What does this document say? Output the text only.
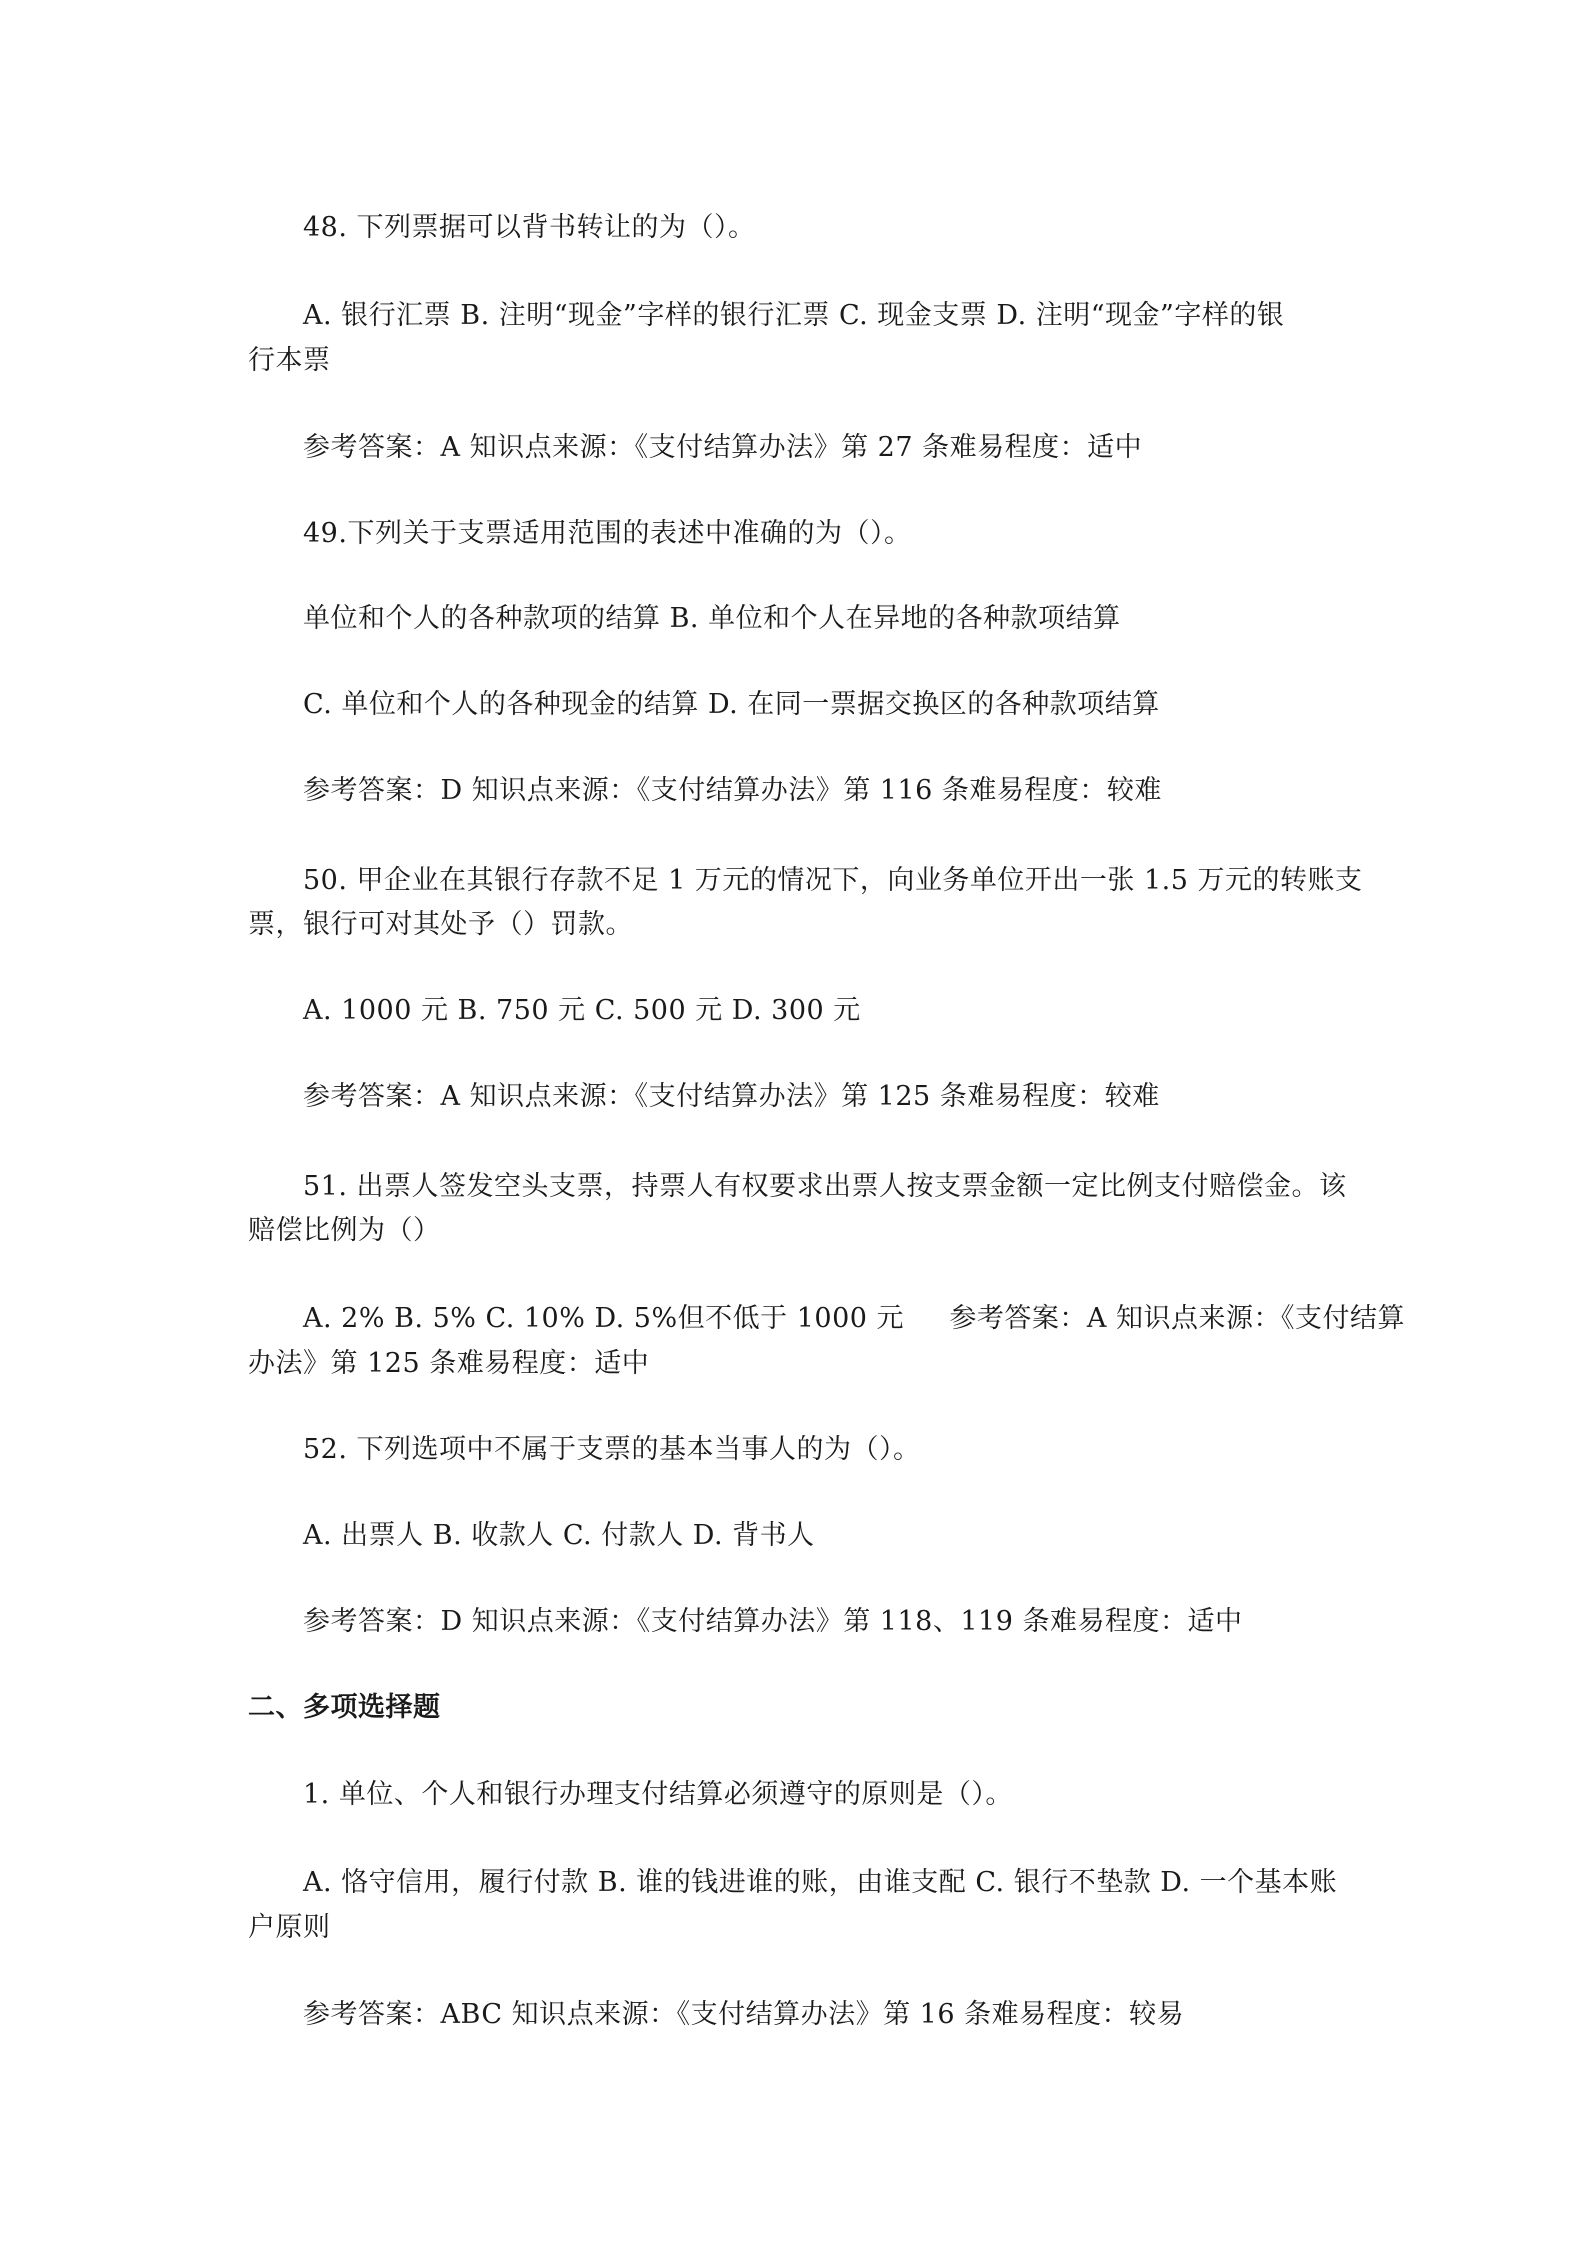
48. 下列票据可以背书转让的为（）。
A. 银行汇票 B. 注明“现金”字样的银行汇票 C. 现金支票 D. 注明“现金”字样的银
行本票
参考答案：A 知识点来源：《支付结算办法》第 27 条难易程度：适中
49.下列关于支票适用范围的表述中准确的为（）。
单位和个人的各种款项的结算 B. 单位和个人在异地的各种款项结算
C. 单位和个人的各种现金的结算 D. 在同一票据交换区的各种款项结算
参考答案：D 知识点来源：《支付结算办法》第 116 条难易程度：较难
50. 甲企业在其银行存款不足 1 万元的情况下，向业务单位开出一张 1.5 万元的转账支
票，银行可对其处予（）罚款。
A. 1000 元 B. 750 元 C. 500 元 D. 300 元
参考答案：A 知识点来源：《支付结算办法》第 125 条难易程度：较难
51. 出票人签发空头支票，持票人有权要求出票人按支票金额一定比例支付赔偿金。该
赔偿比例为（）
A. 2% B. 5% C. 10% D. 5%但不低于 1000 元     参考答案：A 知识点来源：《支付结算
办法》第 125 条难易程度：适中
52. 下列选项中不属于支票的基本当事人的为（）。
A. 出票人 B. 收款人 C. 付款人 D. 背书人
参考答案：D 知识点来源：《支付结算办法》第 118、119 条难易程度：适中
二、多项选择题
1. 单位、个人和银行办理支付结算必须遵守的原则是（）。
A. 恪守信用，履行付款 B. 谁的钱进谁的账，由谁支配 C. 银行不垫款 D. 一个基本账
户原则
参考答案：ABC 知识点来源：《支付结算办法》第 16 条难易程度：较易
